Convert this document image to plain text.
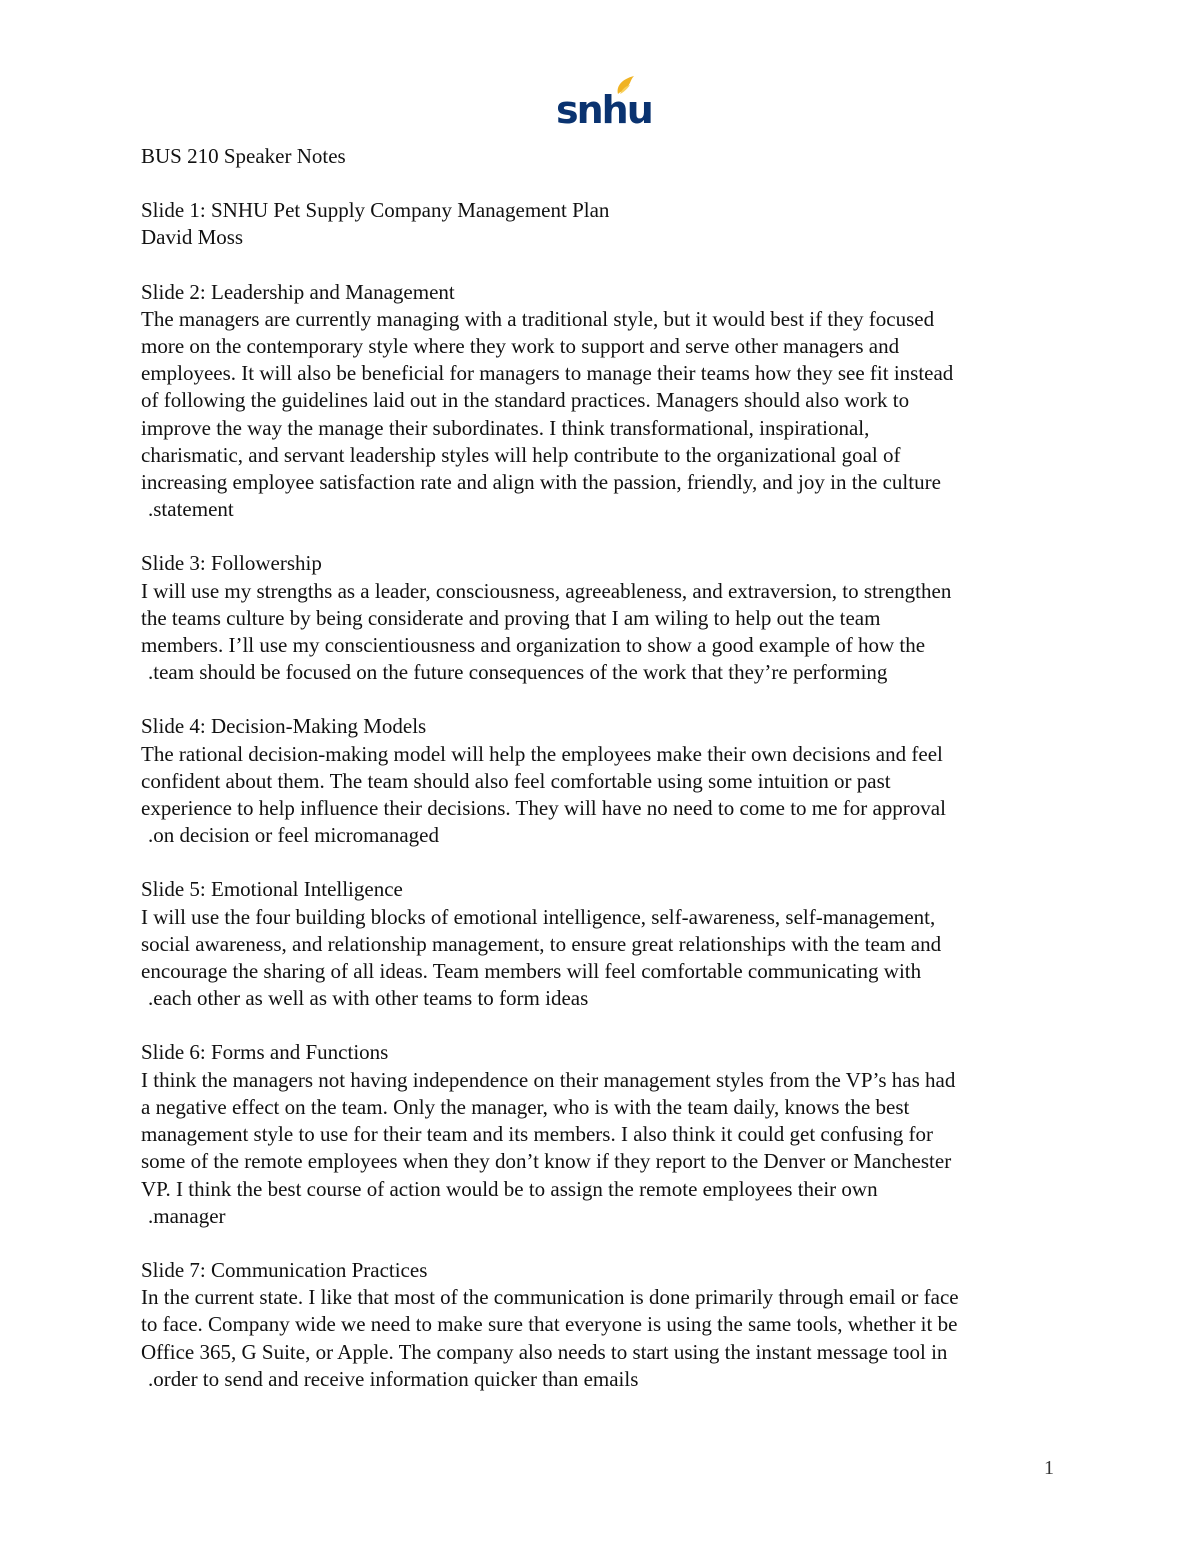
snhu
BUS 210 Speaker Notes
Slide 1: SNHU Pet Supply Company Management Plan
David Moss
Slide 2: Leadership and Management
The managers are currently managing with a traditional style, but it would best if they focused
more on the contemporary style where they work to support and serve other managers and
employees. It will also be beneficial for managers to manage their teams how they see fit instead
of following the guidelines laid out in the standard practices. Managers should also work to
improve the way the manage their subordinates. I think transformational, inspirational,
charismatic, and servant leadership styles will help contribute to the organizational goal of
increasing employee satisfaction rate and align with the passion, friendly, and joy in the culture
.statement
Slide 3: Followership
I will use my strengths as a leader, consciousness, agreeableness, and extraversion, to strengthen
the teams culture by being considerate and proving that I am wiling to help out the team
members. I’ll use my conscientiousness and organization to show a good example of how the
.team should be focused on the future consequences of the work that they’re performing
Slide 4: Decision-Making Models
The rational decision-making model will help the employees make their own decisions and feel
confident about them. The team should also feel comfortable using some intuition or past
experience to help influence their decisions. They will have no need to come to me for approval
.on decision or feel micromanaged
Slide 5: Emotional Intelligence
I will use the four building blocks of emotional intelligence, self-awareness, self-management,
social awareness, and relationship management, to ensure great relationships with the team and
encourage the sharing of all ideas. Team members will feel comfortable communicating with
.each other as well as with other teams to form ideas
Slide 6: Forms and Functions
I think the managers not having independence on their management styles from the VP’s has had
a negative effect on the team. Only the manager, who is with the team daily, knows the best
management style to use for their team and its members. I also think it could get confusing for
some of the remote employees when they don’t know if they report to the Denver or Manchester
VP. I think the best course of action would be to assign the remote employees their own
.manager
Slide 7: Communication Practices
In the current state. I like that most of the communication is done primarily through email or face
to face. Company wide we need to make sure that everyone is using the same tools, whether it be
Office 365, G Suite, or Apple. The company also needs to start using the instant message tool in
.order to send and receive information quicker than emails
1
